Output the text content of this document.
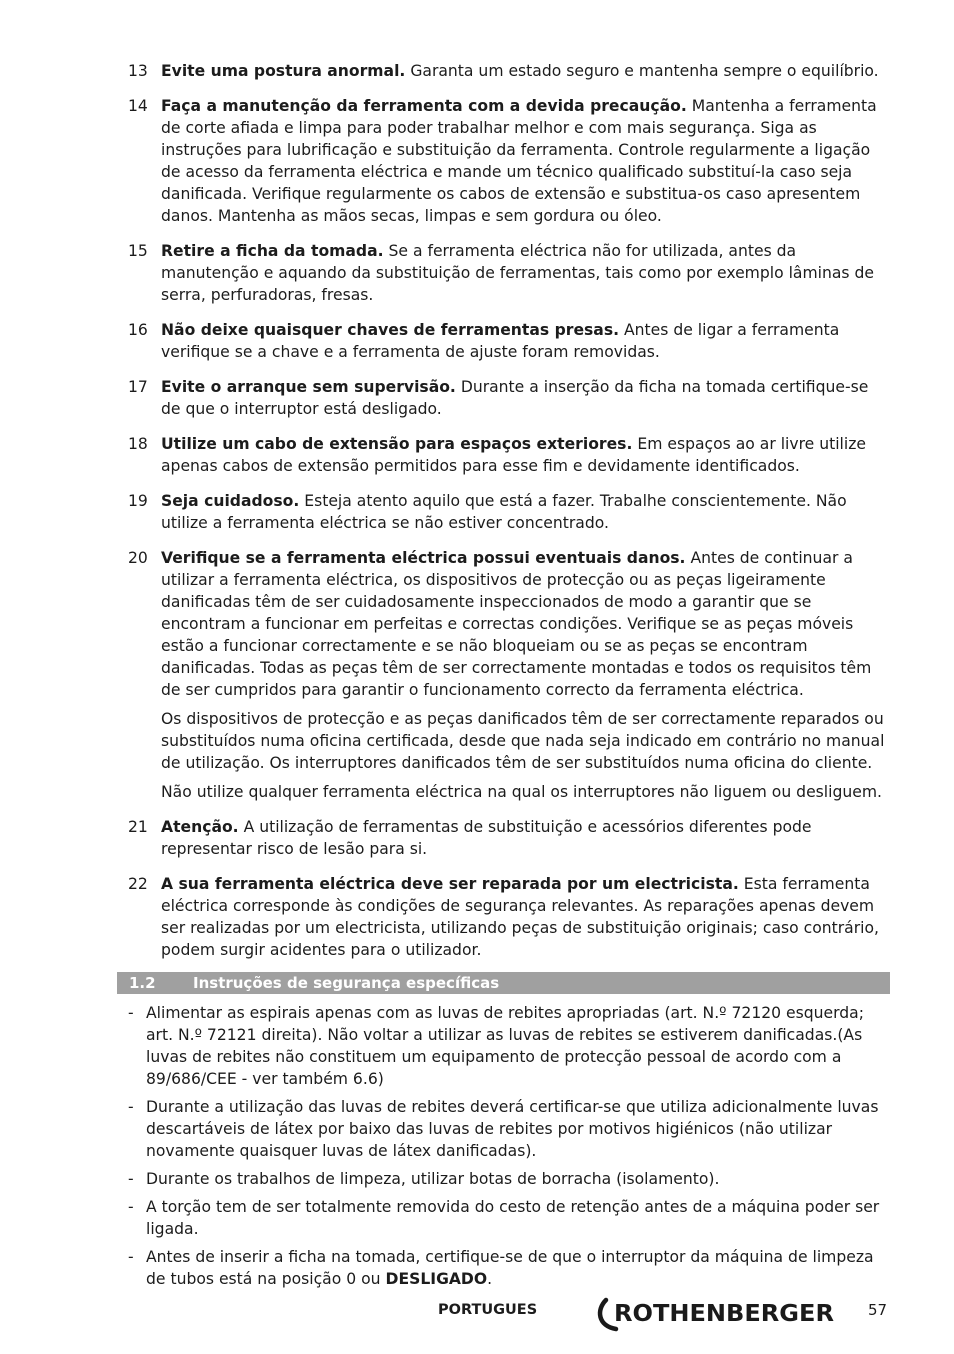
13 Evite uma postura anormal. Garanta um estado seguro e mantenha sempre o equilíbrio.

14 Faça a manutenção da ferramenta com a devida precaução. Mantenha a ferramenta de corte afiada e limpa para poder trabalhar melhor e com mais segurança. Siga as instruções para lubrificação e substituição da ferramenta. Controle regularmente a ligação de acesso da ferramenta eléctrica e mande um técnico qualificado substituí-la caso seja danificada. Verifique regularmente os cabos de extensão e substitua-os caso apresentem danos. Mantenha as mãos secas, limpas e sem gordura ou óleo.

15 Retire a ficha da tomada. Se a ferramenta eléctrica não for utilizada, antes da manutenção e aquando da substituição de ferramentas, tais como por exemplo lâminas de serra, perfuradoras, fresas.

16 Não deixe quaisquer chaves de ferramentas presas. Antes de ligar a ferramenta verifique se a chave e a ferramenta de ajuste foram removidas.

17 Evite o arranque sem supervisão. Durante a inserção da ficha na tomada certifique-se de que o interruptor está desligado.

18 Utilize um cabo de extensão para espaços exteriores. Em espaços ao ar livre utilize apenas cabos de extensão permitidos para esse fim e devidamente identificados.

19 Seja cuidadoso. Esteja atento aquilo que está a fazer. Trabalhe conscientemente. Não utilize a ferramenta eléctrica se não estiver concentrado.

20 Verifique se a ferramenta eléctrica possui eventuais danos. Antes de continuar a utilizar a ferramenta eléctrica, os dispositivos de protecção ou as peças ligeiramente danificadas têm de ser cuidadosamente inspeccionados de modo a garantir que se encontram a funcionar em perfeitas e correctas condições. Verifique se as peças móveis estão a funcionar correctamente e se não bloqueiam ou se as peças se encontram danificadas. Todas as peças têm de ser correctamente montadas e todos os requisitos têm de ser cumpridos para garantir o funcionamento correcto da ferramenta eléctrica.

Os dispositivos de protecção e as peças danificados têm de ser correctamente reparados ou substituídos numa oficina certificada, desde que nada seja indicado em contrário no manual de utilização. Os interruptores danificados têm de ser substituídos numa oficina do cliente.

Não utilize qualquer ferramenta eléctrica na qual os interruptores não liguem ou desliguem.

21 Atenção. A utilização de ferramentas de substituição e acessórios diferentes pode representar risco de lesão para si.

22 A sua ferramenta eléctrica deve ser reparada por um electricista. Esta ferramenta eléctrica corresponde às condições de segurança relevantes. As reparações apenas devem ser realizadas por um electricista, utilizando peças de substituição originais; caso contrário, podem surgir acidentes para o utilizador.

1.2 Instruções de segurança específicas
- Alimentar as espirais apenas com as luvas de rebites apropriadas (art. N.º 72120 esquerda; art. N.º 72121 direita). Não voltar a utilizar as luvas de rebites se estiverem danificadas.(As luvas de rebites não constituem um equipamento de protecção pessoal de acordo com a 89/686/CEE - ver também 6.6)
- Durante a utilização das luvas de rebites deverá certificar-se que utiliza adicionalmente luvas descartáveis de látex por baixo das luvas de rebites por motivos higiénicos (não utilizar novamente quaisquer luvas de látex danificadas).
- Durante os trabalhos de limpeza, utilizar botas de borracha (isolamento).
- A torção tem de ser totalmente removida do cesto de retenção antes de a máquina poder ser ligada.
- Antes de inserir a ficha na tomada, certifique-se de que o interruptor da máquina de limpeza de tubos está na posição 0 ou DESLIGADO.
PORTUGUES	ROTHENBERGER 57
